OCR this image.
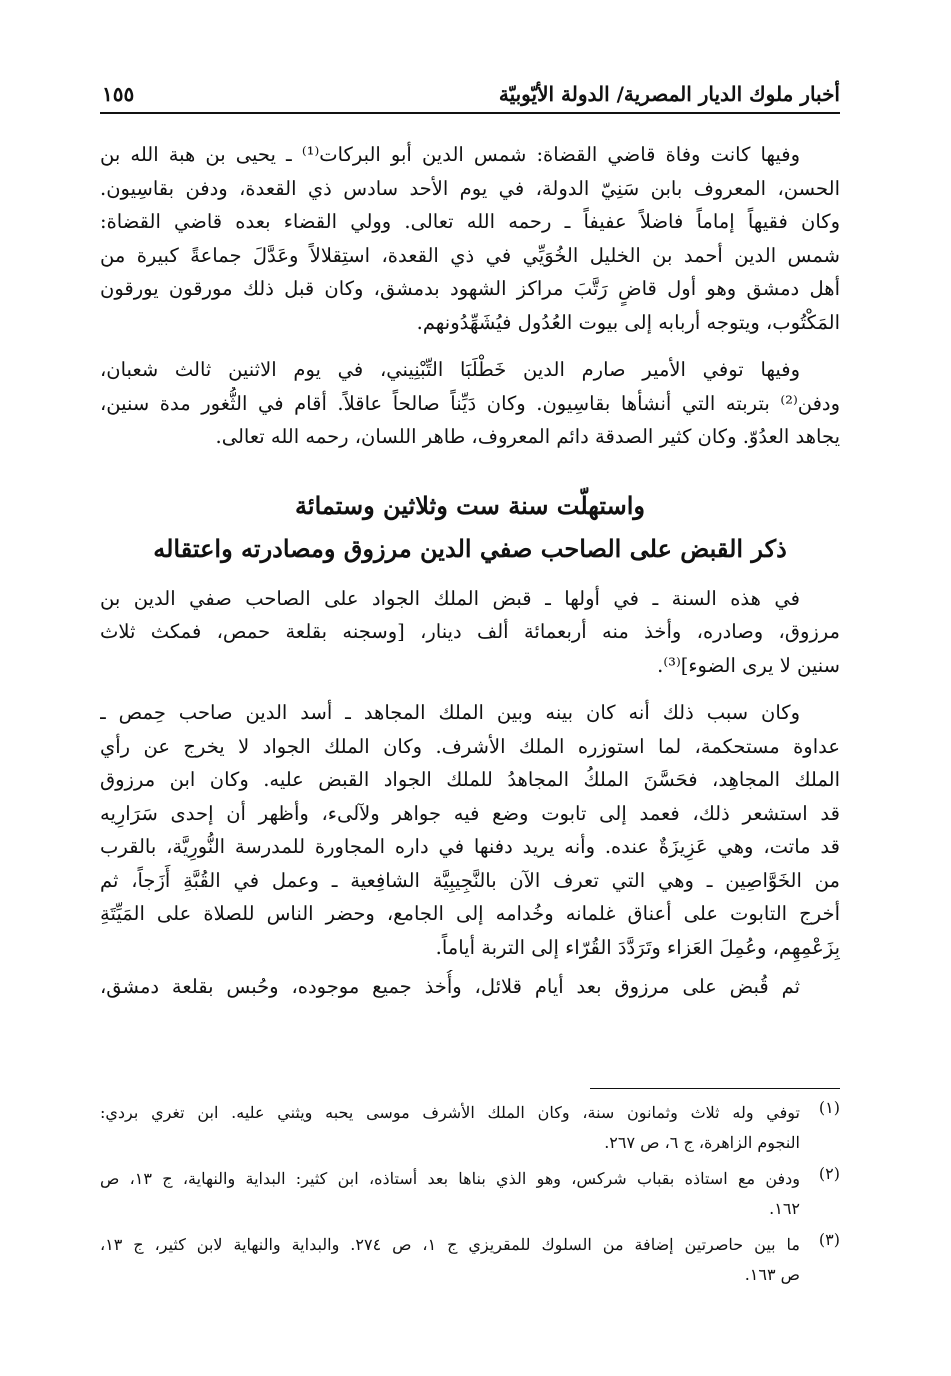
أخبار ملوك الديار المصرية/ الدولة الأيّوبيّة
١٥٥
وفيها كانت وفاة قاضي القضاة: شمس الدين أبو البركات⁽¹⁾ ـ يحيى بن هبة الله بن
الحسن، المعروف بابن سَنِيّ الدولة، في يوم الأحد سادس ذي القعدة، ودفن بقاسِيون.
وكان فقيهاً إماماً فاضلاً عفيفاً ـ رحمه الله تعالى. وولي القضاء بعده قاضي القضاة:
شمس الدين أحمد بن الخليل الخُوَيِّي في ذي القعدة، استِقلالاً وعَدَّلَ جماعةً كبيرة من
أهل دمشق وهو أول قاضٍ رَتَّبَ مراكز الشهود بدمشق، وكان قبل ذلك مورقون يورقون
المَكْتُوب، ويتوجه أربابه إلى بيوت العُدُول فيُشَهِّدُونهم.
وفيها توفي الأمير صارم الدين خَطْلَبَا التِّبْنِيني، في يوم الاثنين ثالث شعبان،
ودفن⁽²⁾ بتربته التي أنشأها بقاسِيون. وكان دَيِّناً صالحاً عاقلاً. أقام في الثُّغور مدة سنين،
يجاهد العدُوّ. وكان كثير الصدقة دائم المعروف، طاهر اللسان، رحمه الله تعالى.
واستهلّت سنة ست وثلاثين وستمائة
ذكر القبض على الصاحب صفي الدين مرزوق ومصادرته واعتقاله
في هذه السنة ـ في أولها ـ قبض الملك الجواد على الصاحب صفي الدين بن
مرزوق، وصادره، وأخذ منه أربعمائة ألف دينار، [وسجنه بقلعة حمص، فمكث ثلاث
سنين لا يرى الضوء]⁽³⁾.
وكان سبب ذلك أنه كان بينه وبين الملك المجاهد ـ أسد الدين صاحب حِمص ـ
عداوة مستحكمة، لما استوزره الملك الأشرف. وكان الملك الجواد لا يخرج عن رأي
الملك المجاهِد، فحَسَّنَ الملكُ المجاهدُ للملك الجواد القبض عليه. وكان ابن مرزوق
قد استشعر ذلك، فعمد إلى تابوت وضع فيه جواهر ولآلىء، وأظهر أن إحدى سَرَارِيه
قد ماتت، وهي عَزِيزَةٌ عنده. وأنه يريد دفنها في داره المجاورة للمدرسة النُّورِيَّة، بالقرب
من الخَوَّاصِين ـ وهي التي تعرف الآن بالنَّجِيبِيَّة الشافِعية ـ وعمل في القُبَّةِ أَزَجاً، ثم
أخرج التابوت على أعناق غلمانه وخُدامه إلى الجامع، وحضر الناس للصلاة على المَيِّتَةِ
بِزَعْمِهِم، وعُمِلَ العَزاء وتَرَدَّدَ القُرّاء إلى التربة أياماً.
ثم قُبض على مرزوق بعد أيام قلائل، وأُخذ جميع موجوده، وحُبس بقلعة دمشق،
(١)
توفي وله ثلاث وثمانون سنة، وكان الملك الأشرف موسى يحبه ويثني عليه. ابن تغري بردي:
النجوم الزاهرة، ج ٦، ص ٢٦٧.
(٢)
ودفن مع استاذه بقباب شركس، وهو الذي بناها بعد أستاذه، ابن كثير: البداية والنهاية، ج ١٣، ص
١٦٢.
(٣)
ما بين حاصرتين إضافة من السلوك للمقريزي ج ١، ص ٢٧٤. والبداية والنهاية لابن كثير، ج ١٣،
ص ١٦٣.
